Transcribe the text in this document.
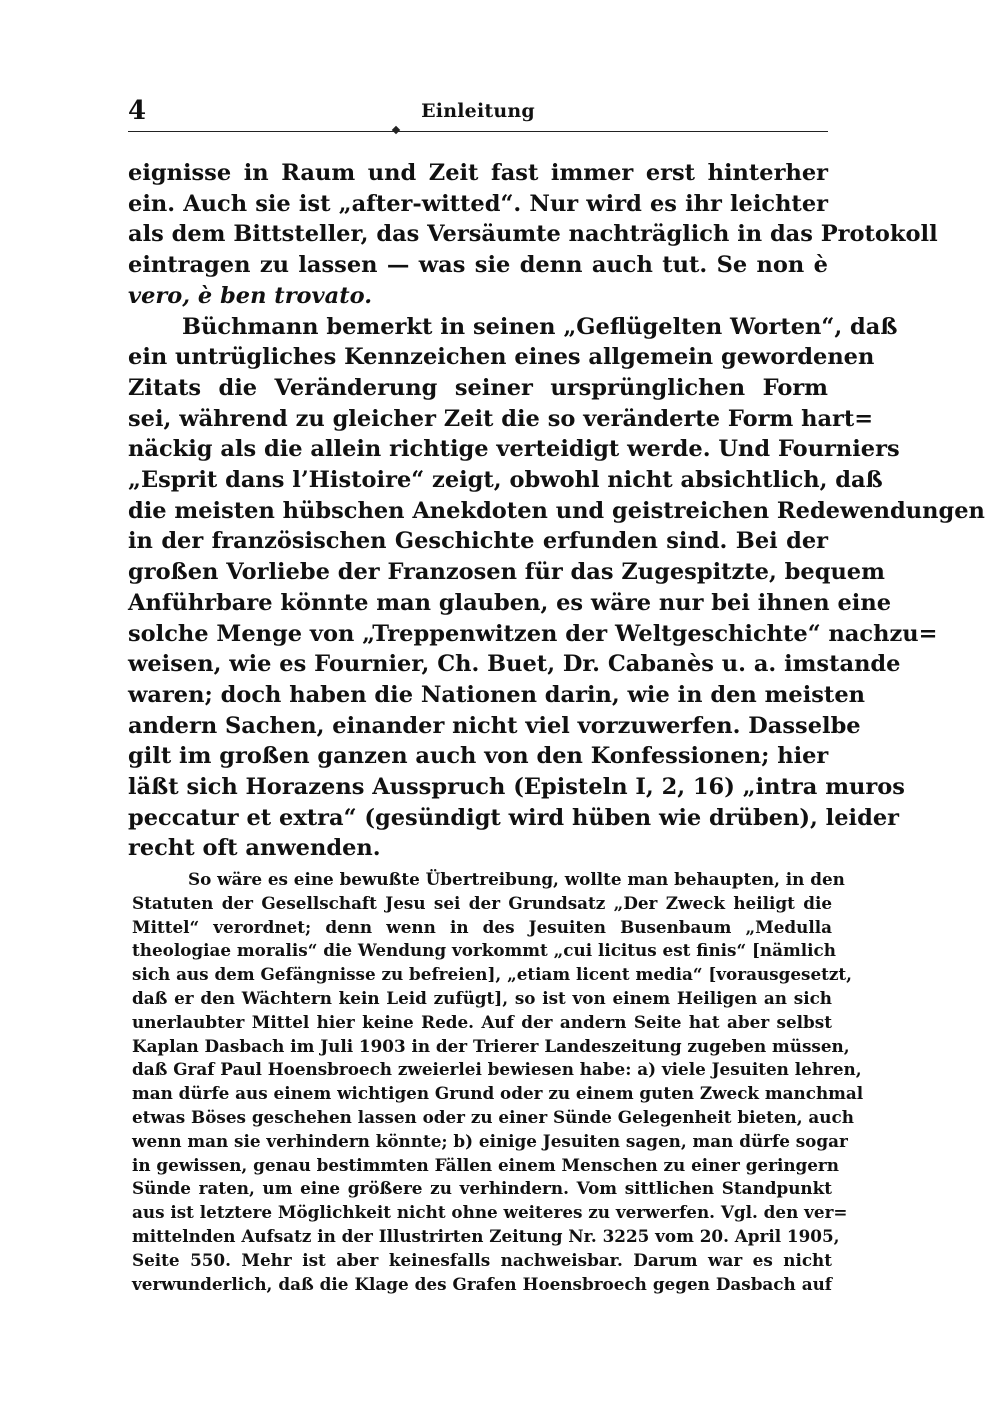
4	Einleitung
eignisse in Raum und Zeit fast immer erst hinterher
ein. Auch sie ist „after-witted“. Nur wird es ihr leichter
als dem Bittsteller, das Versäumte nachträglich in das Protokoll
eintragen zu lassen — was sie denn auch tut. Se non è
vero, è ben trovato.
Büchmann bemerkt in seinen „Geflügelten Worten“, daß
ein untrügliches Kennzeichen eines allgemein gewordenen
Zitats die Veränderung seiner ursprünglichen Form
sei, während zu gleicher Zeit die so veränderte Form hart=
näckig als die allein richtige verteidigt werde. Und Fourniers
„Esprit dans l’Histoire“ zeigt, obwohl nicht absichtlich, daß
die meisten hübschen Anekdoten und geistreichen Redewendungen
in der französischen Geschichte erfunden sind. Bei der
großen Vorliebe der Franzosen für das Zugespitzte, bequem
Anführbare könnte man glauben, es wäre nur bei ihnen eine
solche Menge von „Treppenwitzen der Weltgeschichte“ nachzu=
weisen, wie es Fournier, Ch. Buet, Dr. Cabanès u. a. imstande
waren; doch haben die Nationen darin, wie in den meisten
andern Sachen, einander nicht viel vorzuwerfen. Dasselbe
gilt im großen ganzen auch von den Konfessionen; hier
läßt sich Horazens Ausspruch (Episteln I, 2, 16) „intra muros
peccatur et extra“ (gesündigt wird hüben wie drüben), leider
recht oft anwenden.
So wäre es eine bewußte Übertreibung, wollte man behaupten, in den
Statuten der Gesellschaft Jesu sei der Grundsatz „Der Zweck heiligt die
Mittel“ verordnet; denn wenn in des Jesuiten Busenbaum „Medulla
theologiae moralis“ die Wendung vorkommt „cui licitus est finis“ [nämlich
sich aus dem Gefängnisse zu befreien], „etiam licent media“ [vorausgesetzt,
daß er den Wächtern kein Leid zufügt], so ist von einem Heiligen an sich
unerlaubter Mittel hier keine Rede. Auf der andern Seite hat aber selbst
Kaplan Dasbach im Juli 1903 in der Trierer Landeszeitung zugeben müssen,
daß Graf Paul Hoensbroech zweierlei bewiesen habe: a) viele Jesuiten lehren,
man dürfe aus einem wichtigen Grund oder zu einem guten Zweck manchmal
etwas Böses geschehen lassen oder zu einer Sünde Gelegenheit bieten, auch
wenn man sie verhindern könnte; b) einige Jesuiten sagen, man dürfe sogar
in gewissen, genau bestimmten Fällen einem Menschen zu einer geringern
Sünde raten, um eine größere zu verhindern. Vom sittlichen Standpunkt
aus ist letztere Möglichkeit nicht ohne weiteres zu verwerfen. Vgl. den ver=
mittelnden Aufsatz in der Illustrirten Zeitung Nr. 3225 vom 20. April 1905,
Seite 550. Mehr ist aber keinesfalls nachweisbar. Darum war es nicht
verwunderlich, daß die Klage des Grafen Hoensbroech gegen Dasbach auf
